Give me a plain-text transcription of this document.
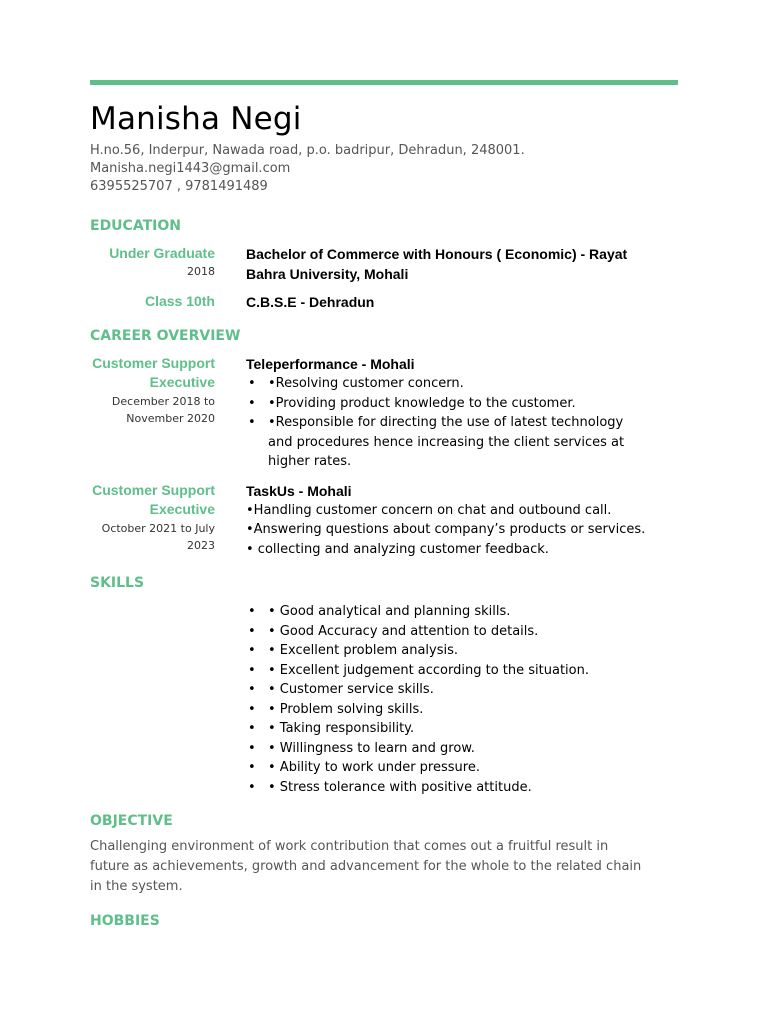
Manisha Negi
H.no.56, Inderpur, Nawada road, p.o. badripur, Dehradun, 248001.
Manisha.negi1443@gmail.com
6395525707 , 9781491489
EDUCATION
Under Graduate
2018
Bachelor of Commerce with Honours ( Economic) - Rayat Bahra University, Mohali
Class 10th C.B.S.E - Dehradun
CAREER OVERVIEW
Customer Support Executive
December 2018 to November 2020
Teleperformance - Mohali
• •Resolving customer concern.
• •Providing product knowledge to the customer.
• •Responsible for directing the use of latest technology and procedures hence increasing the client services at higher rates.
Customer Support Executive
October 2021 to July 2023
TaskUs - Mohali
•Handling customer concern on chat and outbound call.
•Answering questions about company’s products or services.
• collecting and analyzing customer feedback.
SKILLS
• • Good analytical and planning skills.
• • Good Accuracy and attention to details.
• • Excellent problem analysis.
• • Excellent judgement according to the situation.
• • Customer service skills.
• • Problem solving skills.
• • Taking responsibility.
• • Willingness to learn and grow.
• • Ability to work under pressure.
• • Stress tolerance with positive attitude.
OBJECTIVE
Challenging environment of work contribution that comes out a fruitful result in future as achievements, growth and advancement for the whole to the related chain in the system.
HOBBIES
